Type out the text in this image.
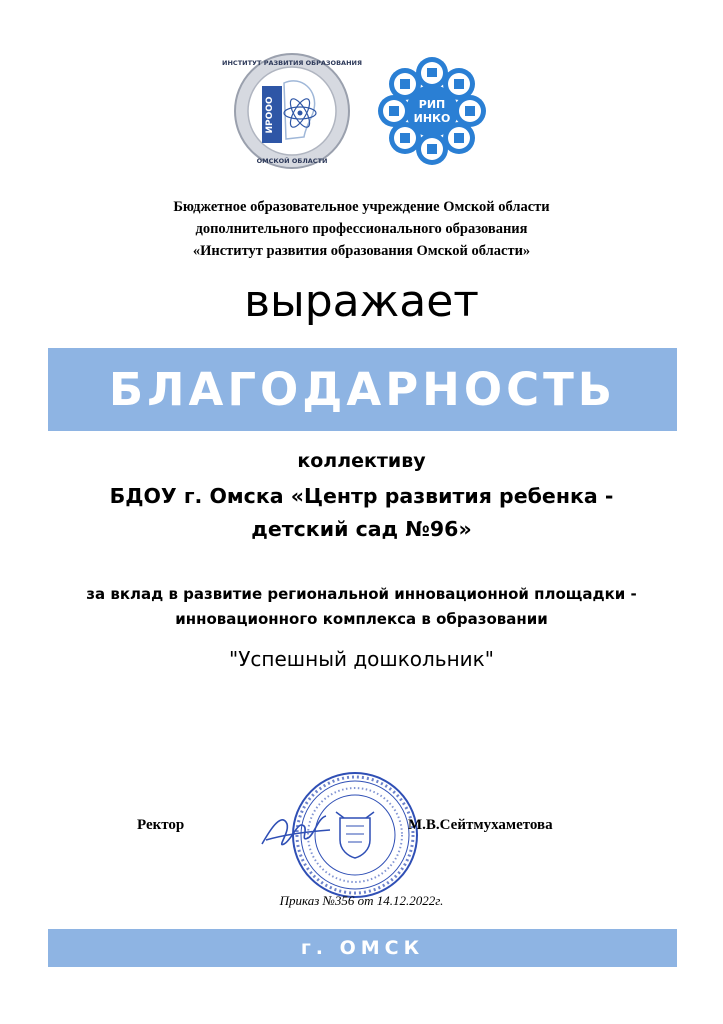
ИРООО
ИНСТИТУТ РАЗВИТИЯ ОБРАЗОВАНИЯ
ОМСКОЙ ОБЛАСТИ
РИП
ИНКО
Бюджетное образовательное учреждение Омской области
дополнительного профессионального образования
«Институт развития образования Омской области»
выражает
БЛАГОДАРНОСТЬ
коллективу
БДОУ г. Омска «Центр развития ребенка - детский сад №96»
за вклад в развитие региональной инновационной площадки -
инновационного комплекса в образовании
"Успешный дошкольник"
Ректор	М.В.Сейтмухаметова
Приказ №356 от 14.12.2022г.
г. ОМСК
